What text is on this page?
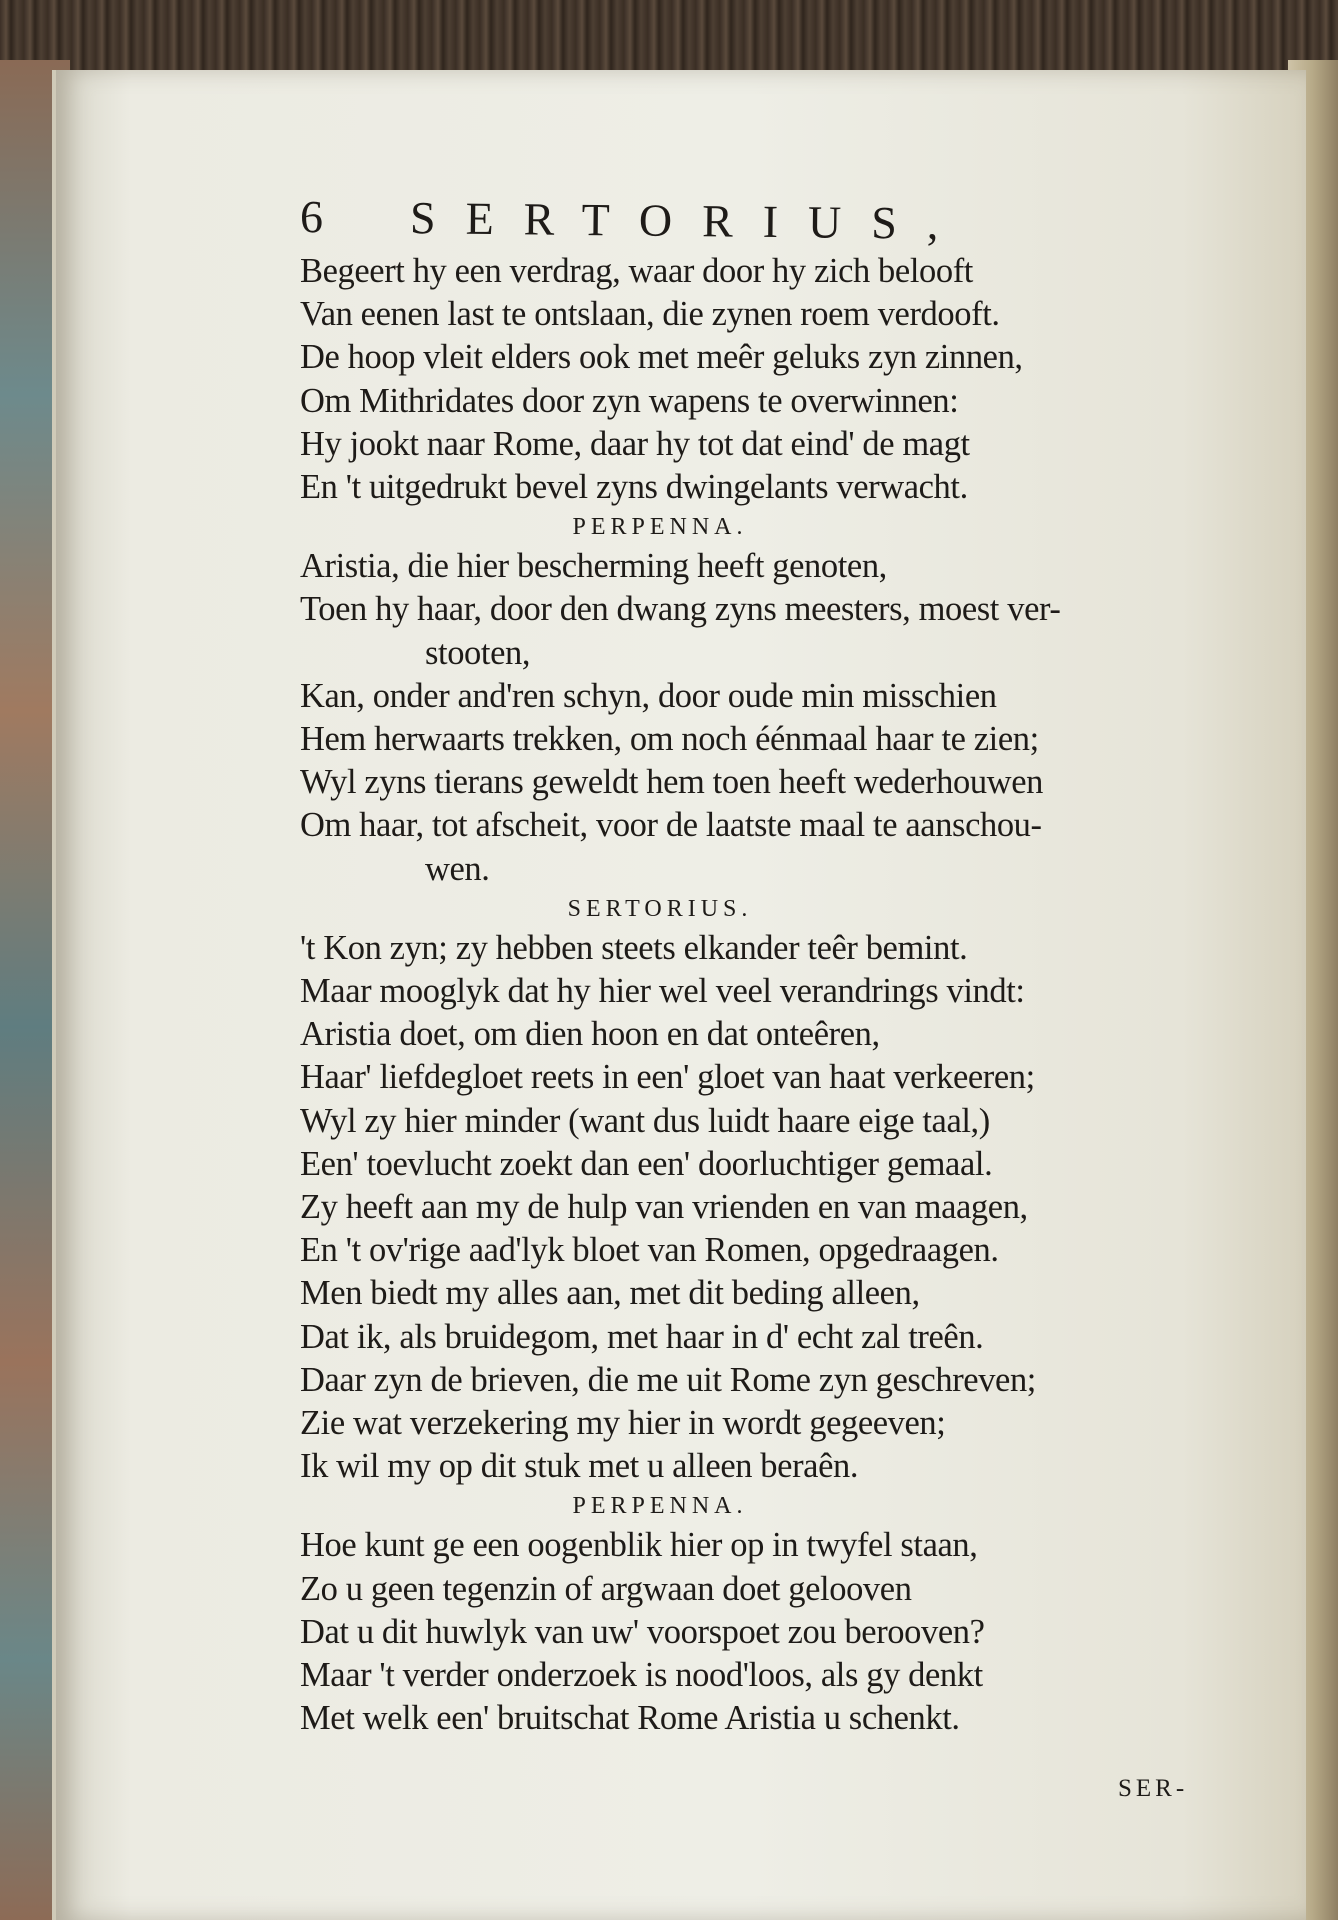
6	SERTORIUS,
Begeert hy een verdrag, waar door hy zich belooft
Van eenen last te ontslaan, die zynen roem verdooft.
De hoop vleit elders ook met meêr geluks zyn zinnen,
Om Mithridates door zyn wapens te overwinnen:
Hy jookt naar Rome, daar hy tot dat eind' de magt
En 't uitgedrukt bevel zyns dwingelants verwacht.
PERPENNA.
Aristia, die hier bescherming heeft genoten,
Toen hy haar, door den dwang zyns meesters, moest ver-
stooten,
Kan, onder and'ren schyn, door oude min misschien
Hem herwaarts trekken, om noch éénmaal haar te zien;
Wyl zyns tierans geweldt hem toen heeft wederhouwen
Om haar, tot afscheit, voor de laatste maal te aanschou-
wen.
SERTORIUS.
't Kon zyn; zy hebben steets elkander teêr bemint.
Maar mooglyk dat hy hier wel veel verandrings vindt:
Aristia doet, om dien hoon en dat onteêren,
Haar' liefdegloet reets in een' gloet van haat verkeeren;
Wyl zy hier minder (want dus luidt haare eige taal,)
Een' toevlucht zoekt dan een' doorluchtiger gemaal.
Zy heeft aan my de hulp van vrienden en van maagen,
En 't ov'rige aad'lyk bloet van Romen, opgedraagen.
Men biedt my alles aan, met dit beding alleen,
Dat ik, als bruidegom, met haar in d' echt zal treên.
Daar zyn de brieven, die me uit Rome zyn geschreven;
Zie wat verzekering my hier in wordt gegeeven;
Ik wil my op dit stuk met u alleen beraên.
PERPENNA.
Hoe kunt ge een oogenblik hier op in twyfel staan,
Zo u geen tegenzin of argwaan doet gelooven
Dat u dit huwlyk van uw' voorspoet zou berooven?
Maar 't verder onderzoek is nood'loos, als gy denkt
Met welk een' bruitschat Rome Aristia u schenkt.
SER-
